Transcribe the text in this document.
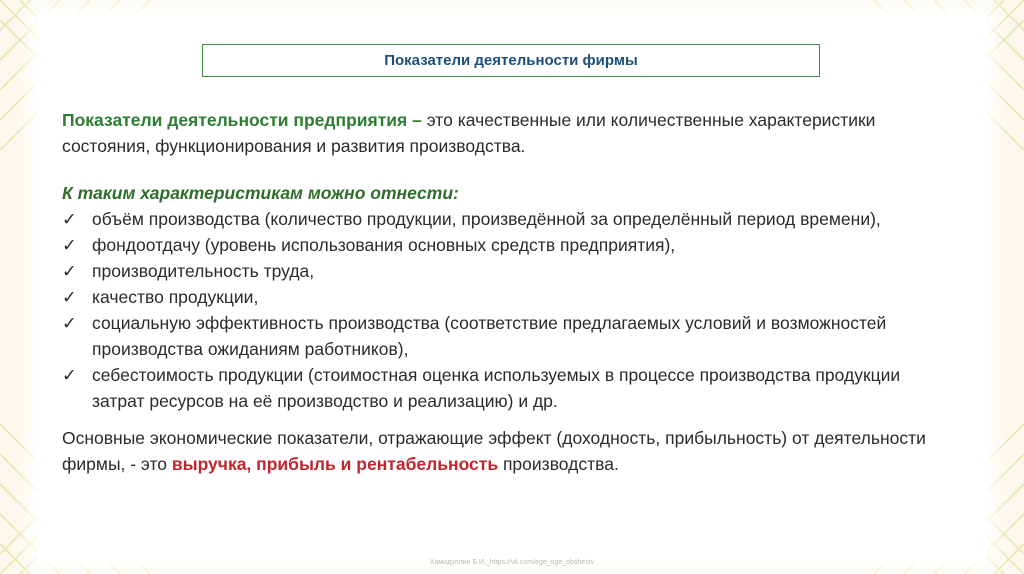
Показатели деятельности фирмы
Показатели деятельности предприятия – это качественные или количественные характеристики состояния, функционирования и развития производства.
К таким характеристикам можно отнести:
✓ объём производства (количество продукции, произведённой за определённый период времени),
✓ фондоотдачу (уровень использования основных средств предприятия),
✓ производительность труда,
✓ качество продукции,
✓ социальную эффективность производства (соответствие предлагаемых условий и возможностей производства ожиданиям работников),
✓ себестоимость продукции (стоимостная оценка используемых в процессе производства продукции затрат ресурсов на её производство и реализацию) и др.
Основные экономические показатели, отражающие эффект (доходность, прибыльность) от деятельности фирмы, - это выручка, прибыль и рентабельность производства.
Хамидуллин Б.И._https://vk.com/ege_oge_obshestv
